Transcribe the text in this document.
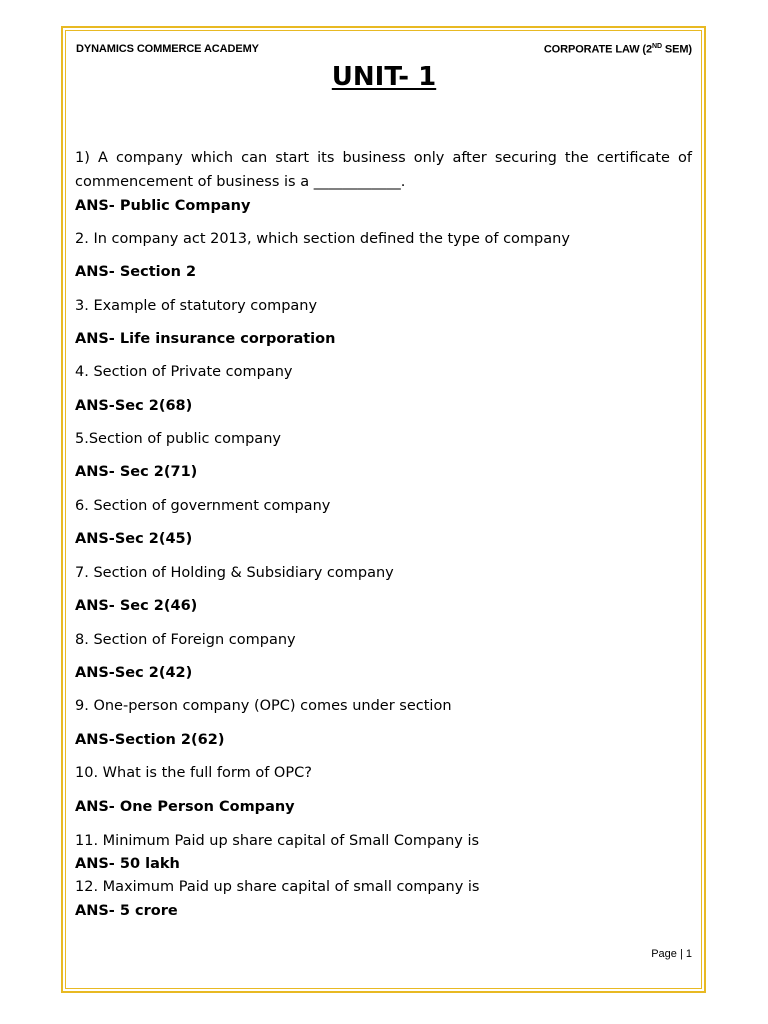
DYNAMICS COMMERCE ACADEMY	CORPORATE LAW (2ND SEM)
UNIT- 1
1) A company which can start its business only after securing the certificate of commencement of business is a ____________.
ANS- Public Company
2. In company act 2013, which section defined the type of company
ANS- Section 2
3. Example of statutory company
ANS- Life insurance corporation
4. Section of Private company
ANS-Sec 2(68)
5.Section of public company
ANS- Sec 2(71)
6. Section of government company
ANS-Sec 2(45)
7. Section of Holding & Subsidiary company
ANS- Sec 2(46)
8. Section of Foreign company
ANS-Sec 2(42)
9. One-person company (OPC) comes under section
ANS-Section 2(62)
10. What is the full form of OPC?
ANS- One Person Company
11. Minimum Paid up share capital of Small Company is
ANS- 50 lakh
12. Maximum Paid up share capital of small company is
ANS- 5 crore
Page | 1
